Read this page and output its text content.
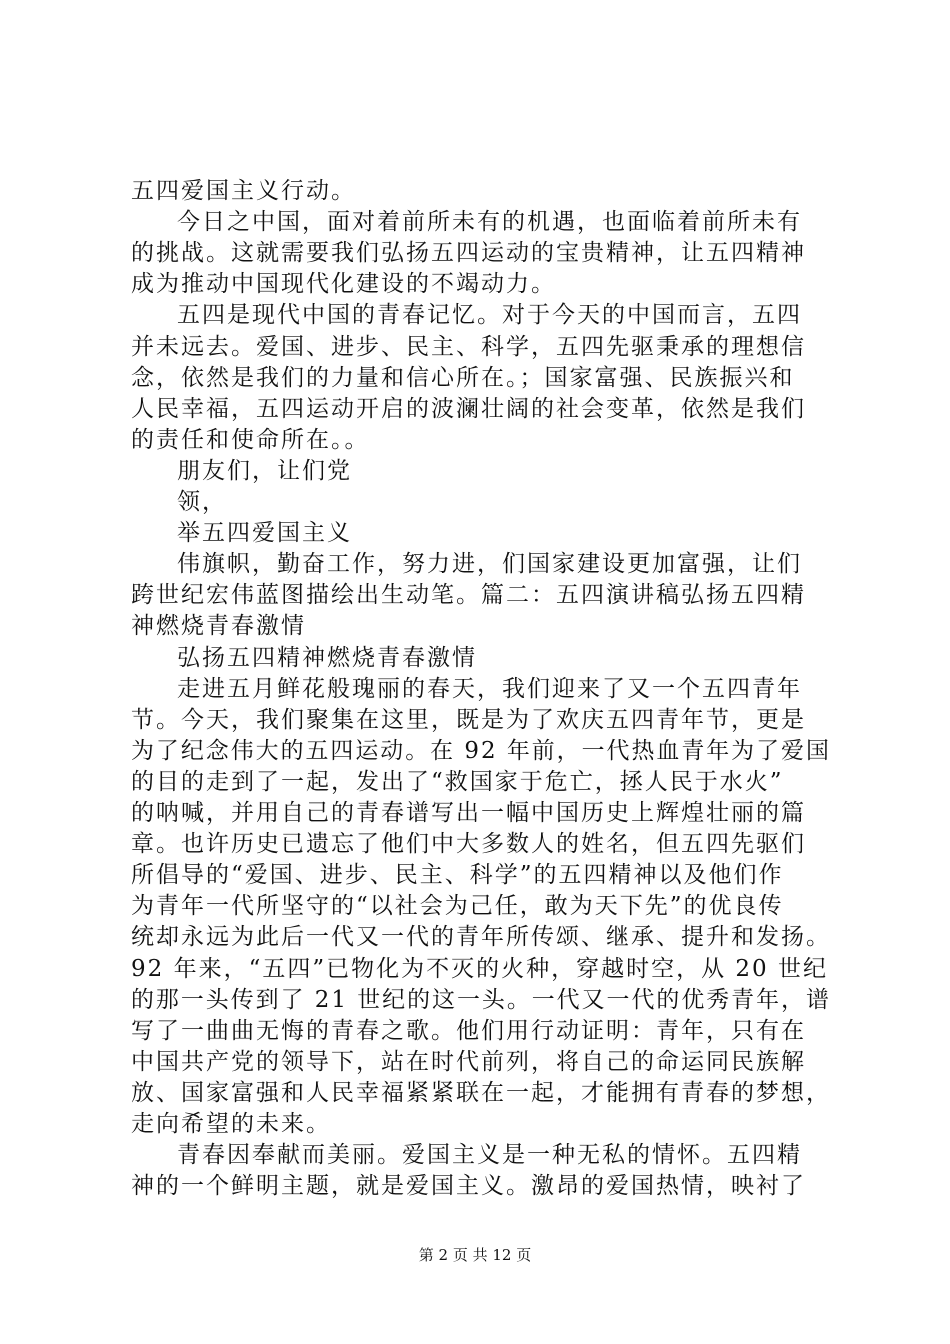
五四爱国主义行动。
今日之中国，面对着前所未有的机遇，也面临着前所未有
的挑战。这就需要我们弘扬五四运动的宝贵精神，让五四精神
成为推动中国现代化建设的不竭动力。
五四是现代中国的青春记忆。对于今天的中国而言，五四
并未远去。爱国、进步、民主、科学，五四先驱秉承的理想信
念，依然是我们的力量和信心所在。；国家富强、民族振兴和
人民幸福，五四运动开启的波澜壮阔的社会变革，依然是我们
的责任和使命所在。。
朋友们，让们党
领，
举五四爱国主义
伟旗帜，勤奋工作，努力进，们国家建设更加富强，让们
跨世纪宏伟蓝图描绘出生动笔。篇二：五四演讲稿弘扬五四精
神燃烧青春激情
弘扬五四精神燃烧青春激情
走进五月鲜花般瑰丽的春天，我们迎来了又一个五四青年
节。今天，我们聚集在这里，既是为了欢庆五四青年节，更是
为了纪念伟大的五四运动。在 92 年前，一代热血青年为了爱国
的目的走到了一起，发出了“救国家于危亡，拯人民于水火”
的呐喊，并用自己的青春谱写出一幅中国历史上辉煌壮丽的篇
章。也许历史已遗忘了他们中大多数人的姓名，但五四先驱们
所倡导的“爱国、进步、民主、科学”的五四精神以及他们作
为青年一代所坚守的“以社会为己任，敢为天下先”的优良传
统却永远为此后一代又一代的青年所传颂、继承、提升和发扬。
92 年来，“五四”已物化为不灭的火种，穿越时空，从 20 世纪
的那一头传到了 21 世纪的这一头。一代又一代的优秀青年，谱
写了一曲曲无悔的青春之歌。他们用行动证明：青年，只有在
中国共产党的领导下，站在时代前列，将自己的命运同民族解
放、国家富强和人民幸福紧紧联在一起，才能拥有青春的梦想，
走向希望的未来。
青春因奉献而美丽。爱国主义是一种无私的情怀。五四精
神的一个鲜明主题，就是爱国主义。激昂的爱国热情，映衬了
第 2 页 共 12 页
